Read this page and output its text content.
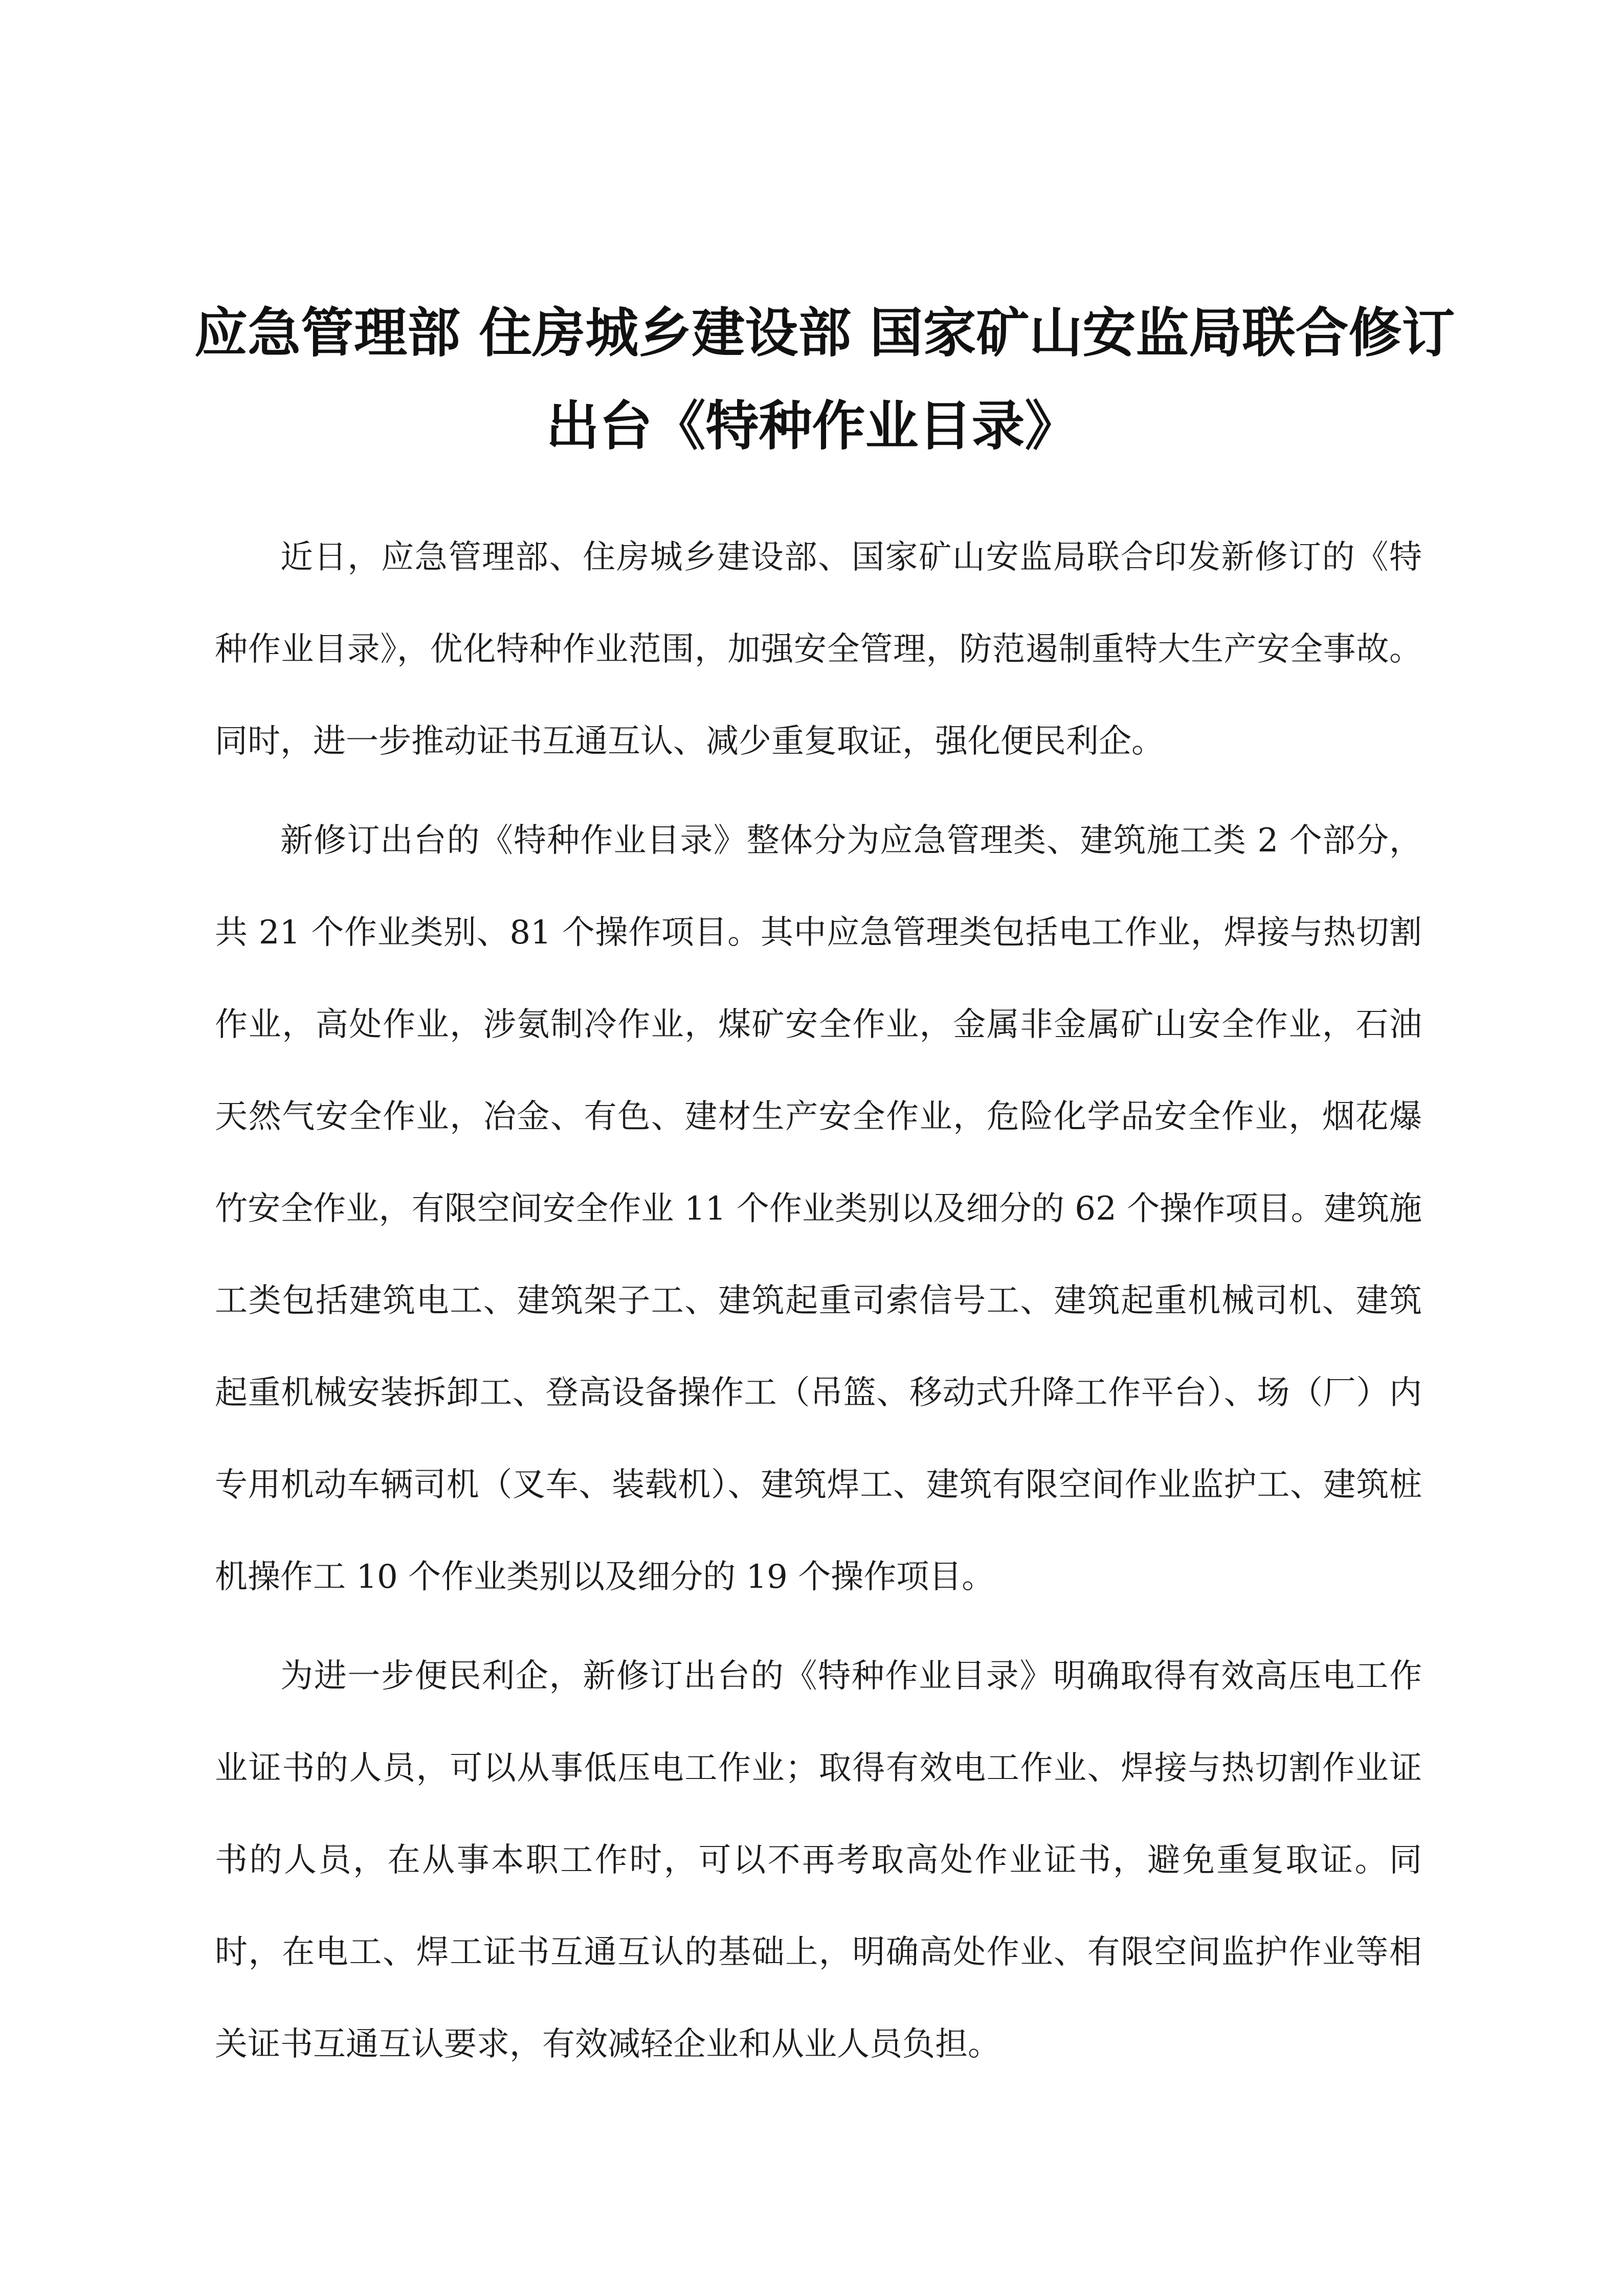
应急管理部 住房城乡建设部 国家矿山安监局联合修订
出台《特种作业目录》

近日，应急管理部、住房城乡建设部、国家矿山安监局联合印发新修订的《特种作业目录》，优化特种作业范围，加强安全管理，防范遏制重特大生产安全事故。同时，进一步推动证书互通互认、减少重复取证，强化便民利企。

新修订出台的《特种作业目录》整体分为应急管理类、建筑施工类 2 个部分，共 21 个作业类别、81 个操作项目。其中应急管理类包括电工作业，焊接与热切割作业，高处作业，涉氨制冷作业，煤矿安全作业，金属非金属矿山安全作业，石油天然气安全作业，冶金、有色、建材生产安全作业，危险化学品安全作业，烟花爆竹安全作业，有限空间安全作业 11 个作业类别以及细分的 62 个操作项目。建筑施工类包括建筑电工、建筑架子工、建筑起重司索信号工、建筑起重机械司机、建筑起重机械安装拆卸工、登高设备操作工（吊篮、移动式升降工作平台）、场（厂）内专用机动车辆司机（叉车、装载机）、建筑焊工、建筑有限空间作业监护工、建筑桩机操作工 10 个作业类别以及细分的 19 个操作项目。

为进一步便民利企，新修订出台的《特种作业目录》明确取得有效高压电工作业证书的人员，可以从事低压电工作业；取得有效电工作业、焊接与热切割作业证书的人员，在从事本职工作时，可以不再考取高处作业证书，避免重复取证。同时，在电工、焊工证书互通互认的基础上，明确高处作业、有限空间监护作业等相关证书互通互认要求，有效减轻企业和从业人员负担。
